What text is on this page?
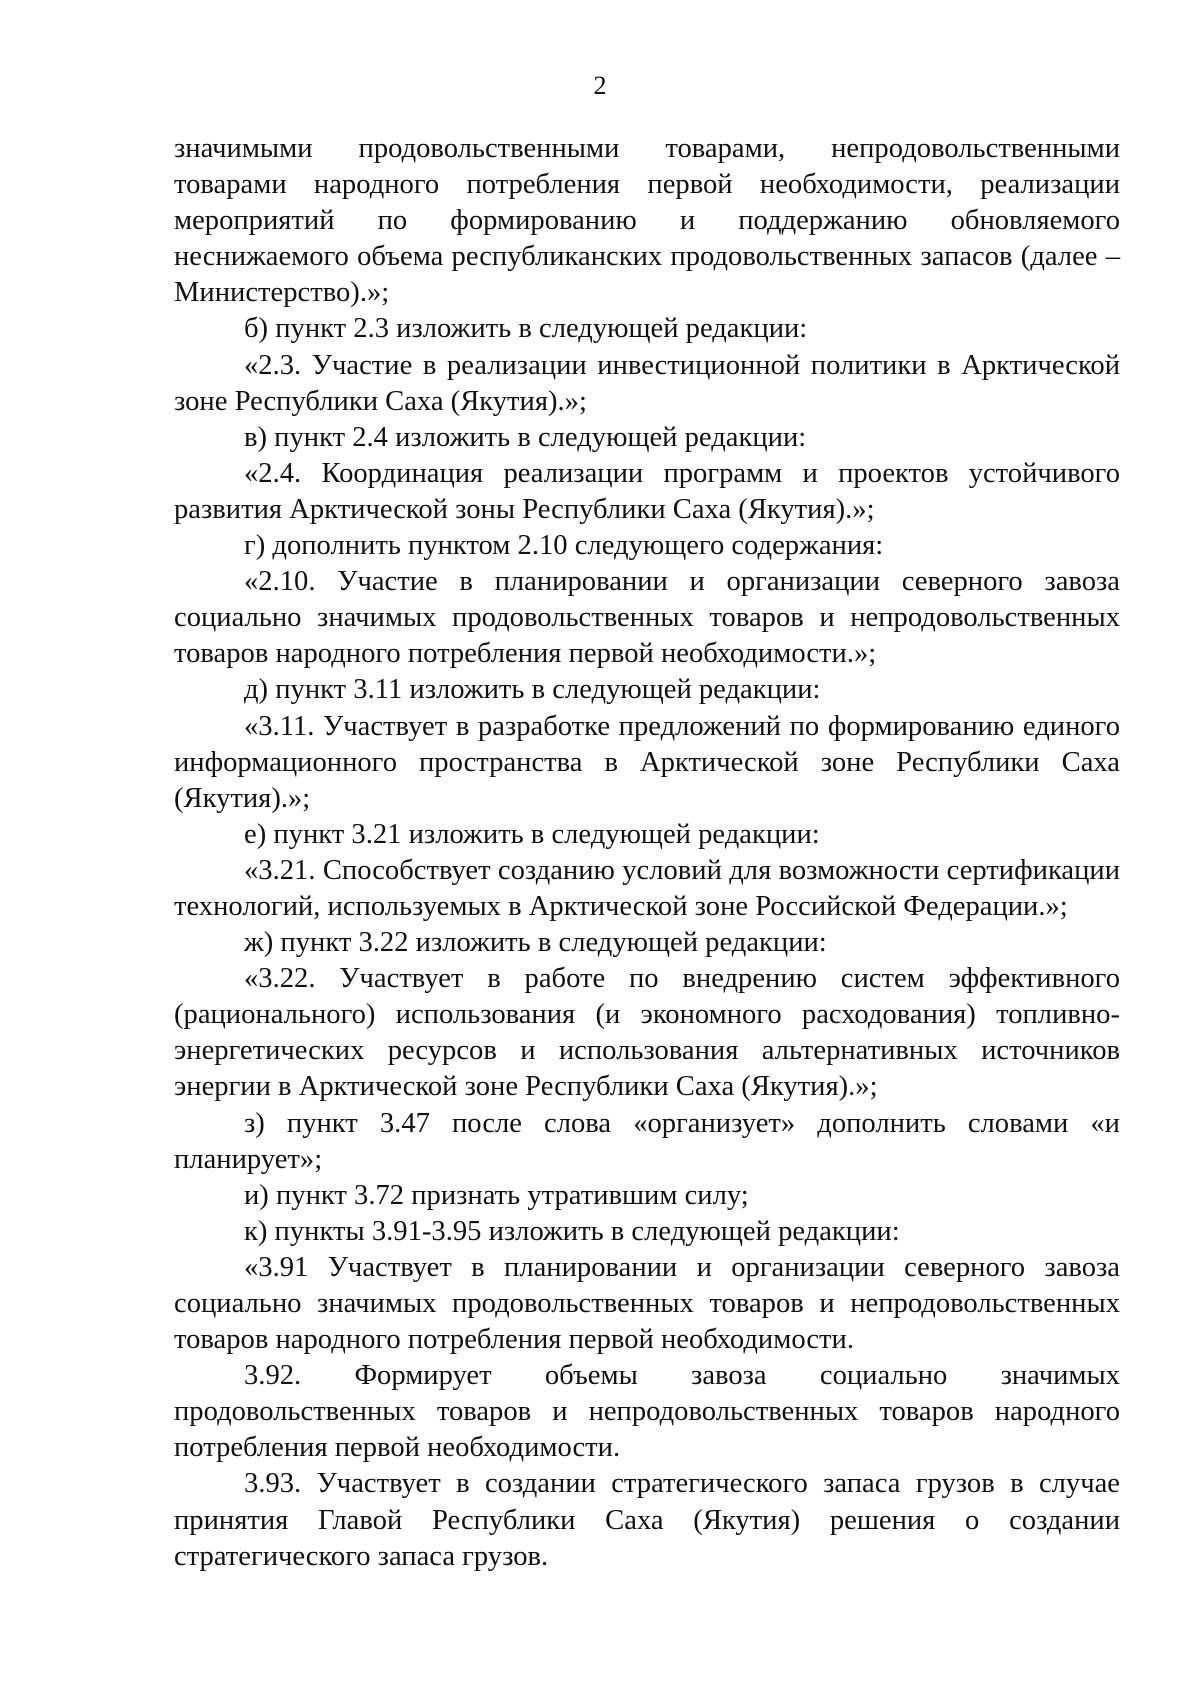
2

значимыми продовольственными товарами, непродовольственными товарами народного потребления первой необходимости, реализации мероприятий по формированию и поддержанию обновляемого неснижаемого объема республиканских продовольственных запасов (далее – Министерство).»;

б) пункт 2.3 изложить в следующей редакции:

«2.3. Участие в реализации инвестиционной политики в Арктической зоне Республики Саха (Якутия).»;

в) пункт 2.4 изложить в следующей редакции:

«2.4. Координация реализации программ и проектов устойчивого развития Арктической зоны Республики Саха (Якутия).»;

г) дополнить пунктом 2.10 следующего содержания:

«2.10. Участие в планировании и организации северного завоза социально значимых продовольственных товаров и непродовольственных товаров народного потребления первой необходимости.»;

д) пункт 3.11 изложить в следующей редакции:

«3.11. Участвует в разработке предложений по формированию единого информационного пространства в Арктической зоне Республики Саха (Якутия).»;

е) пункт 3.21 изложить в следующей редакции:

«3.21. Способствует созданию условий для возможности сертификации технологий, используемых в Арктической зоне Российской Федерации.»;

ж) пункт 3.22 изложить в следующей редакции:

«3.22. Участвует в работе по внедрению систем эффективного (рационального) использования (и экономного расходования) топливно-энергетических ресурсов и использования альтернативных источников энергии в Арктической зоне Республики Саха (Якутия).»;

з) пункт 3.47 после слова «организует» дополнить словами «и планирует»;

и) пункт 3.72 признать утратившим силу;

к) пункты 3.91-3.95 изложить в следующей редакции:

«3.91 Участвует в планировании и организации северного завоза социально значимых продовольственных товаров и непродовольственных товаров народного потребления первой необходимости.

3.92. Формирует объемы завоза социально значимых продовольственных товаров и непродовольственных товаров народного потребления первой необходимости.

3.93. Участвует в создании стратегического запаса грузов в случае принятия Главой Республики Саха (Якутия) решения о создании стратегического запаса грузов.
